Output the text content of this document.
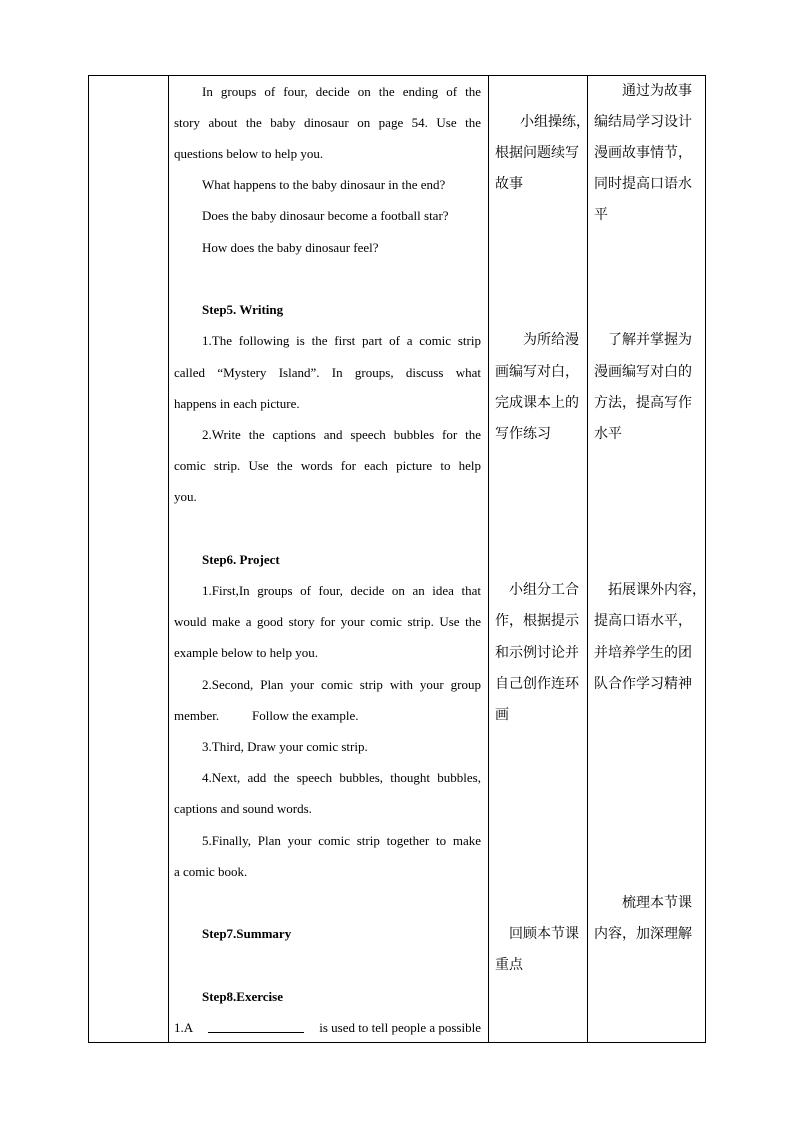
In groups of four, decide on the ending of the
story about the baby dinosaur on page 54. Use the
questions below to help you.
What happens to the baby dinosaur in the end?
Does the baby dinosaur become a football star?
How does the baby dinosaur feel?
Step5. Writing
1.The following is the first part of a comic strip
called “Mystery Island”. In groups, discuss what
happens in each picture.
2.Write the captions and speech bubbles for the
comic strip. Use the words for each picture to help
you.
Step6. Project
1.First,In groups of four, decide on an idea that
would make a good story for your comic strip. Use the
example below to help you.
2.Second, Plan your comic strip with your group
member.	Follow the example.
3.Third, Draw your comic strip.
4.Next, add the speech bubbles, thought bubbles,
captions and sound words.
5.Finally, Plan your comic strip together to make
a comic book.
Step7.Summary
Step8.Exercise
1.A	is used to tell people a possible
小组操练，
根据问题续写
故事
为所给漫
画编写对白，
完成课本上的
写作练习
小组分工合
作，根据提示
和示例讨论并
自己创作连环
画
回顾本节课
重点
通过为故事
编结局学习设计
漫画故事情节，
同时提高口语水
平
了解并掌握为
漫画编写对白的
方法，提高写作
水平
拓展课外内容，
提高口语水平，
并培养学生的团
队合作学习精神
梳理本节课
内容，加深理解
